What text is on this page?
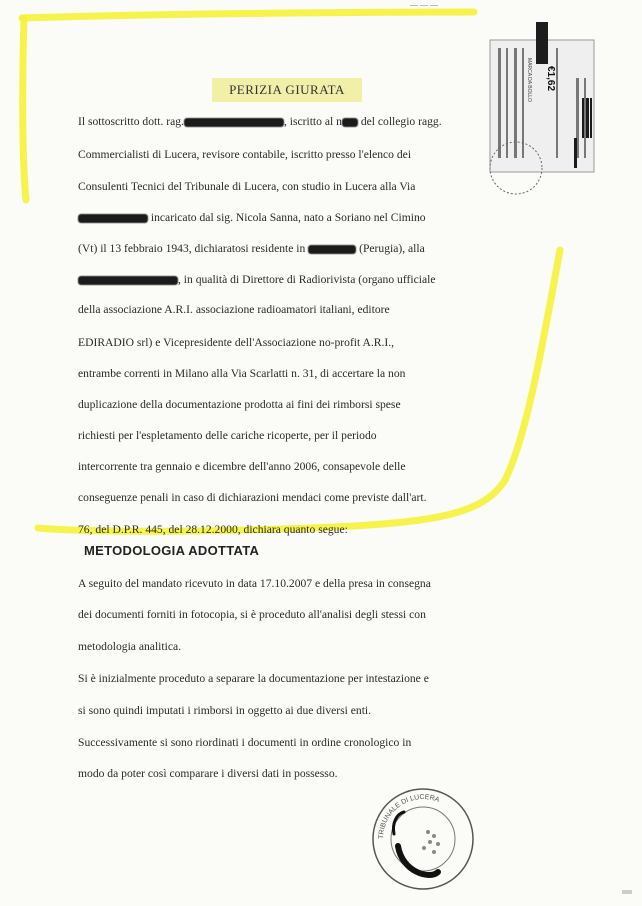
— — —
PERIZIA GIURATA	€1,62
MARCA DA BOLLO
Il sottoscritto dott. rag.	, iscritto al n del collegio ragg.
Commercialisti di Lucera, revisore contabile, iscritto presso l'elenco dei
Consulenti Tecnici del Tribunale di Lucera, con studio in Lucera alla Via
incaricato dal sig. Nicola Sanna, nato a Soriano nel Cimino
(Vt) il 13 febbraio 1943, dichiaratosi residente in	(Perugia), alla
, in qualità di Direttore di Radiorivista (organo ufficiale
della associazione A.R.I. associazione radioamatori italiani, editore
EDIRADIO srl) e Vicepresidente dell'Associazione no-profit A.R.I.,
entrambe correnti in Milano alla Via Scarlatti n. 31, di accertare la non
duplicazione della documentazione prodotta ai fini dei rimborsi spese
richiesti per l'espletamento delle cariche ricoperte, per il periodo
intercorrente tra gennaio e dicembre dell'anno 2006, consapevole delle
conseguenze penali in caso di dichiarazioni mendaci come previste dall'art.
76, del D.P.R. 445, del 28.12.2000, dichiara quanto segue:
METODOLOGIA ADOTTATA
A seguito del mandato ricevuto in data 17.10.2007 e della presa in consegna
dei documenti forniti in fotocopia, si è proceduto all'analisi degli stessi con
metodologia analitica.
Si è inizialmente proceduto a separare la documentazione per intestazione e
si sono quindi imputati i rimborsi in oggetto ai due diversi enti.
Successivamente si sono riordinati i documenti in ordine cronologico in
modo da poter così comparare i diversi dati in possesso.
TRIBUNALE DI LUCERA
